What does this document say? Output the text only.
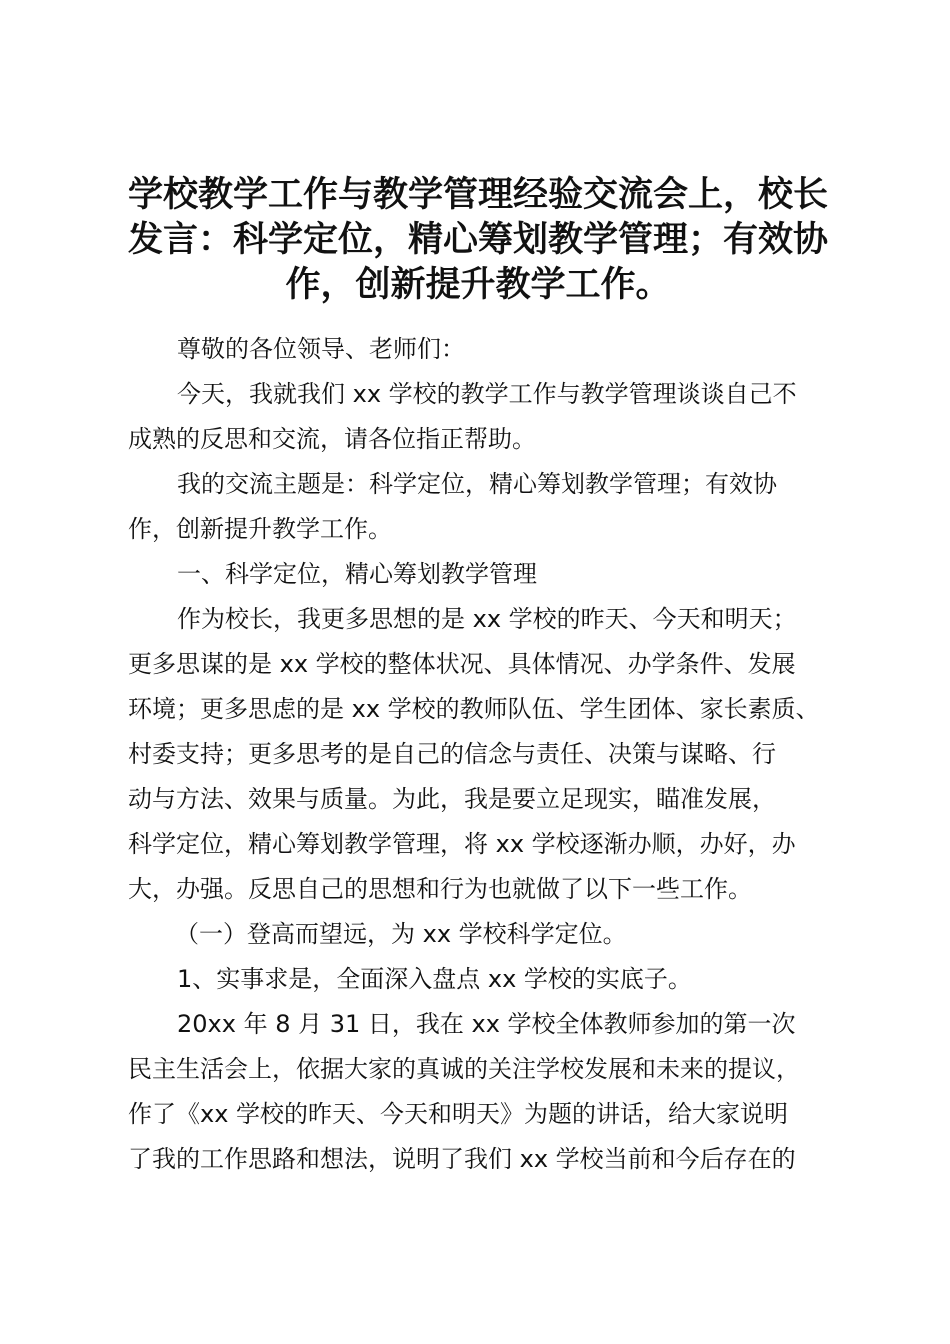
学校教学工作与教学管理经验交流会上，校长
发言：科学定位，精心筹划教学管理；有效协
作，创新提升教学工作。
尊敬的各位领导、老师们：
今天，我就我们 xx 学校的教学工作与教学管理谈谈自己不
成熟的反思和交流，请各位指正帮助。
我的交流主题是：科学定位，精心筹划教学管理；有效协
作，创新提升教学工作。
一、科学定位，精心筹划教学管理
作为校长，我更多思想的是 xx 学校的昨天、今天和明天；
更多思谋的是 xx 学校的整体状况、具体情况、办学条件、发展
环境；更多思虑的是 xx 学校的教师队伍、学生团体、家长素质、
村委支持；更多思考的是自己的信念与责任、决策与谋略、行
动与方法、效果与质量。为此，我是要立足现实，瞄准发展，
科学定位，精心筹划教学管理，将 xx 学校逐渐办顺，办好，办
大，办强。反思自己的思想和行为也就做了以下一些工作。
（一）登高而望远，为 xx 学校科学定位。
1、实事求是，全面深入盘点 xx 学校的实底子。
20xx 年 8 月 31 日，我在 xx 学校全体教师参加的第一次
民主生活会上，依据大家的真诚的关注学校发展和未来的提议，
作了《xx 学校的昨天、今天和明天》为题的讲话，给大家说明
了我的工作思路和想法，说明了我们 xx 学校当前和今后存在的
